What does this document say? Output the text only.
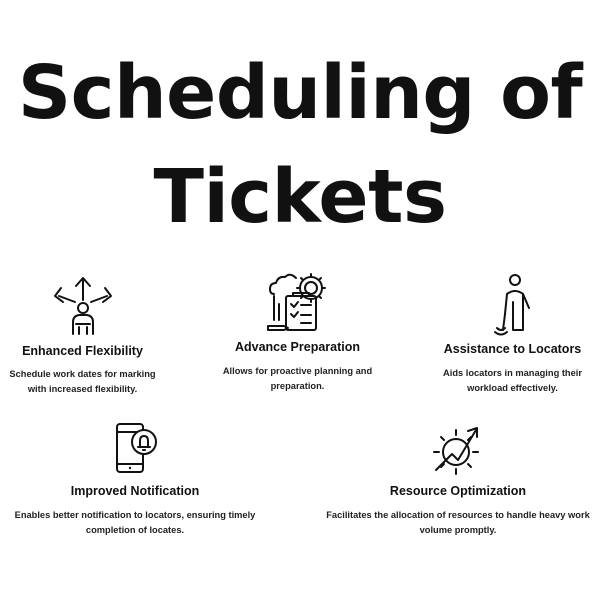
Scheduling of
Tickets

Enhanced Flexibility

Schedule work dates for marking

with increased flexibility.

Advance Preparation

Allows for proactive planning and

preparation.

Assistance to Locators

Aids locators in managing their

workload effectively.

Improved Notification

Enables better notification to locators, ensuring timely

completion of locates.

Resource Optimization

Facilitates the allocation of resources to handle heavy work

volume promptly.
